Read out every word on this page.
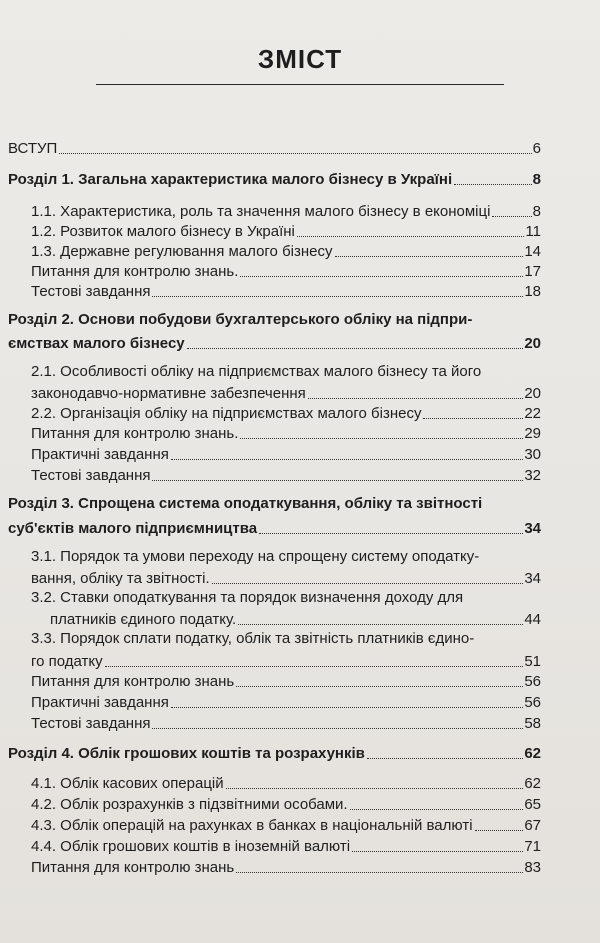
ЗМІСТ
ВСТУП	6
Розділ 1. Загальна характеристика малого бізнесу в Україні	8
1.1. Характеристика, роль та значення малого бізнесу в економіці	8
1.2. Розвиток малого бізнесу в Україні	11
1.3. Державне регулювання малого бізнесу	14
Питання для контролю знань.	17
Тестові завдання	18
Розділ 2. Основи побудови бухгалтерського обліку на підпри-
ємствах малого бізнесу	20
2.1. Особливості обліку на підприємствах малого бізнесу та його
законодавчо-нормативне забезпечення	20
2.2. Організація обліку на підприємствах малого бізнесу	22
Питання для контролю знань.	29
Практичні завдання	30
Тестові завдання	32
Розділ 3. Спрощена система оподаткування, обліку та звітності
суб'єктів малого підприємництва	34
3.1. Порядок та умови переходу на спрощену систему оподатку-
вання, обліку та звітності.	34
3.2. Ставки оподаткування та порядок визначення доходу для
платників єдиного податку.	44
3.3. Порядок сплати податку, облік та звітність платників єдино-
го податку	51
Питання для контролю знань	56
Практичні завдання	56
Тестові завдання	58
Розділ 4. Облік грошових коштів та розрахунків	62
4.1. Облік касових операцій	62
4.2. Облік розрахунків з підзвітними особами.	65
4.3. Облік операцій на рахунках в банках в національній валюті	67
4.4. Облік грошових коштів в іноземній валюті	71
Питання для контролю знань	83
